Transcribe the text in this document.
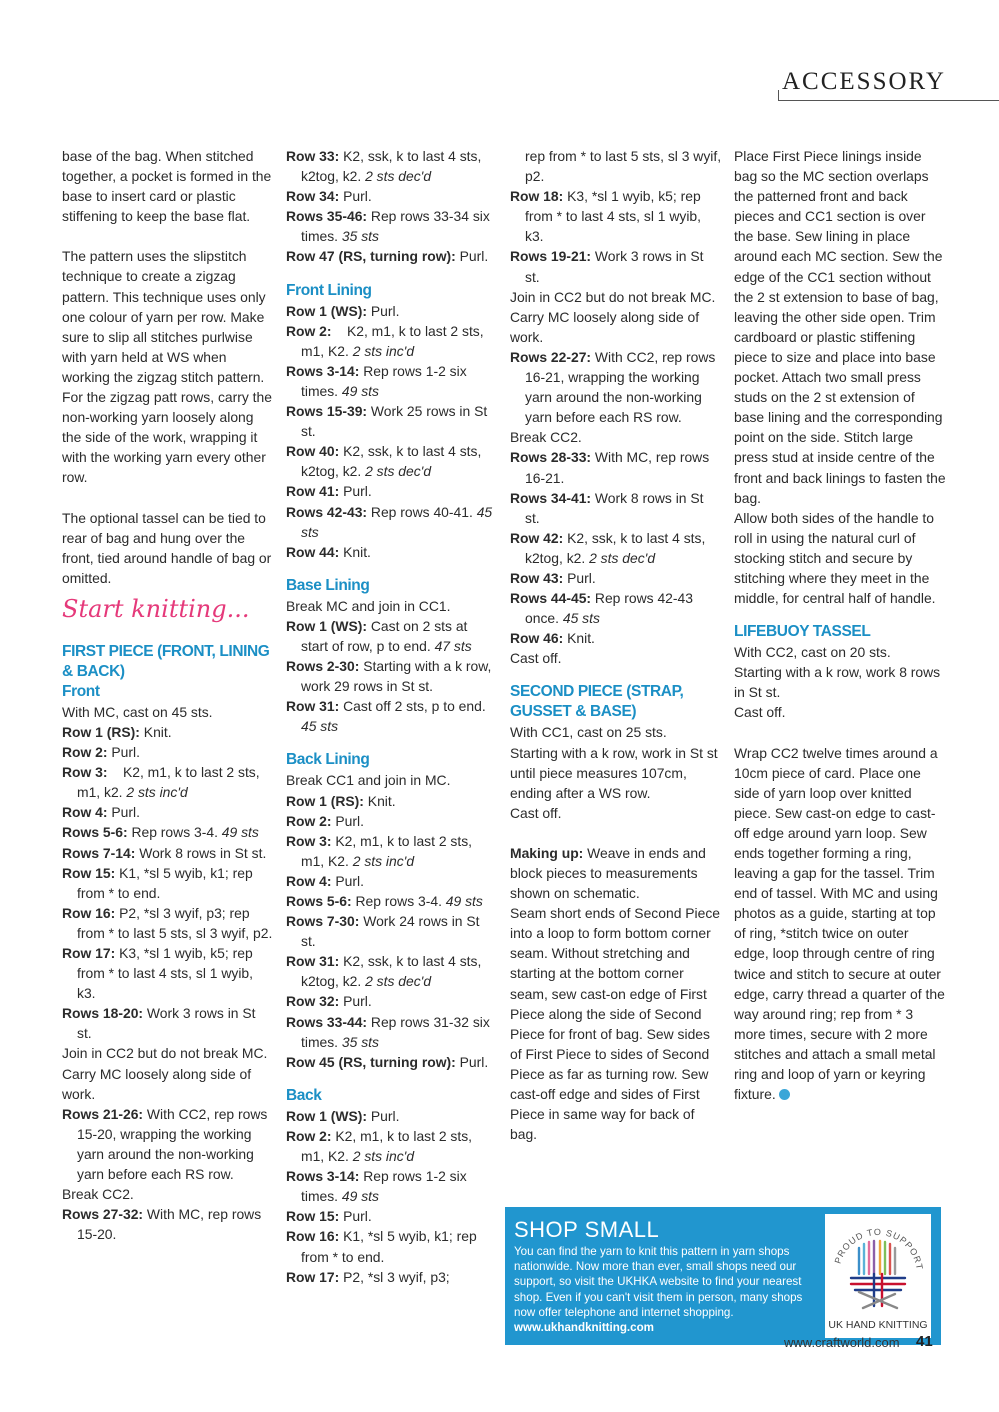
ACCESSORY

base of the bag. When stitched together, a pocket is formed in the base to insert card or plastic stiffening to keep the base flat.

The pattern uses the slipstitch technique to create a zigzag pattern. This technique uses only one colour of yarn per row. Make sure to slip all stitches purlwise with yarn held at WS when working the zigzag stitch pattern. For the zigzag patt rows, carry the non-working yarn loosely along the side of the work, wrapping it with the working yarn every other row.

The optional tassel can be tied to rear of bag and hung over the front, tied around handle of bag or omitted.

Start knitting...

FIRST PIECE (FRONT, LINING & BACK)

Front

With MC, cast on 45 sts.

Row 1 (RS): Knit.

Row 2: Purl.

Row 3:    K2, m1, k to last 2 sts, m1, k2. 2 sts inc'd

Row 4: Purl.

Rows 5-6: Rep rows 3-4. 49 sts

Rows 7-14: Work 8 rows in St st.

Row 15: K1, *sl 5 wyib, k1; rep from * to end.

Row 16: P2, *sl 3 wyif, p3; rep from * to last 5 sts, sl 3 wyif, p2.

Row 17: K3, *sl 1 wyib, k5; rep from * to last 4 sts, sl 1 wyib, k3.

Rows 18-20: Work 3 rows in St st.

Join in CC2 but do not break MC. Carry MC loosely along side of work.

Rows 21-26: With CC2, rep rows 15-20, wrapping the working yarn around the non-working yarn before each RS row.

Break CC2.

Rows 27-32: With MC, rep rows 15-20.

Row 33: K2, ssk, k to last 4 sts, k2tog, k2. 2 sts dec'd

Row 34: Purl.

Rows 35-46: Rep rows 33-34 six times. 35 sts

Row 47 (RS, turning row): Purl.

Front Lining

Row 1 (WS): Purl.

Row 2:    K2, m1, k to last 2 sts, m1, K2. 2 sts inc'd

Rows 3-14: Rep rows 1-2 six times. 49 sts

Rows 15-39: Work 25 rows in St st.

Row 40: K2, ssk, k to last 4 sts, k2tog, k2. 2 sts dec'd

Row 41: Purl.

Rows 42-43: Rep rows 40-41. 45 sts

Row 44: Knit.

Base Lining

Break MC and join in CC1.

Row 1 (WS): Cast on 2 sts at start of row, p to end. 47 sts

Rows 2-30: Starting with a k row, work 29 rows in St st.

Row 31: Cast off 2 sts, p to end. 45 sts

Back Lining

Break CC1 and join in MC.

Row 1 (RS): Knit.

Row 2: Purl.

Row 3: K2, m1, k to last 2 sts, m1, K2. 2 sts inc'd

Row 4: Purl.

Rows 5-6: Rep rows 3-4. 49 sts

Rows 7-30: Work 24 rows in St st.

Row 31: K2, ssk, k to last 4 sts, k2tog, k2. 2 sts dec'd

Row 32: Purl.

Rows 33-44: Rep rows 31-32 six times. 35 sts

Row 45 (RS, turning row): Purl.

Back

Row 1 (WS): Purl.

Row 2: K2, m1, k to last 2 sts, m1, K2. 2 sts inc'd

Rows 3-14: Rep rows 1-2 six times. 49 sts

Row 15: Purl.

Row 16: K1, *sl 5 wyib, k1; rep from * to end.

Row 17: P2, *sl 3 wyif, p3;

rep from * to last 5 sts, sl 3 wyif, p2.

Row 18: K3, *sl 1 wyib, k5; rep from * to last 4 sts, sl 1 wyib, k3.

Rows 19-21: Work 3 rows in St st.

Join in CC2 but do not break MC. Carry MC loosely along side of work.

Rows 22-27: With CC2, rep rows 16-21, wrapping the working yarn around the non-working yarn before each RS row.

Break CC2.

Rows 28-33: With MC, rep rows 16-21.

Rows 34-41: Work 8 rows in St st.

Row 42: K2, ssk, k to last 4 sts, k2tog, k2. 2 sts dec'd

Row 43: Purl.

Rows 44-45: Rep rows 42-43 once. 45 sts

Row 46: Knit.

Cast off.

SECOND PIECE (STRAP, GUSSET & BASE)

With CC1, cast on 25 sts.

Starting with a k row, work in St st until piece measures 107cm, ending after a WS row.

Cast off.

Making up: Weave in ends and block pieces to measurements shown on schematic.

Seam short ends of Second Piece into a loop to form bottom corner seam. Without stretching and starting at the bottom corner seam, sew cast-on edge of First Piece along the side of Second Piece for front of bag. Sew sides of First Piece to sides of Second Piece as far as turning row. Sew cast-off edge and sides of First Piece in same way for back of bag.

Place First Piece linings inside bag so the MC section overlaps the patterned front and back pieces and CC1 section is over the base. Sew lining in place around each MC section. Sew the edge of the CC1 section without the 2 st extension to base of bag, leaving the other side open. Trim cardboard or plastic stiffening piece to size and place into base pocket. Attach two small press studs on the 2 st extension of base lining and the corresponding point on the side. Stitch large press stud at inside centre of the front and back linings to fasten the bag.

Allow both sides of the handle to roll in using the natural curl of stocking stitch and secure by stitching where they meet in the middle, for central half of handle.

LIFEBUOY TASSEL

With CC2, cast on 20 sts.

Starting with a k row, work 8 rows in St st.

Cast off.

Wrap CC2 twelve times around a 10cm piece of card. Place one side of yarn loop over knitted piece. Sew cast-on edge to cast-off edge around yarn loop. Sew ends together forming a ring, leaving a gap for the tassel. Trim end of tassel. With MC and using photos as a guide, starting at top of ring, *stitch twice on outer edge, loop through centre of ring twice and stitch to secure at outer edge, carry thread a quarter of the way around ring; rep from * 3 more times, secure with 2 more stitches and attach a small metal ring and loop of yarn or keyring fixture.

SHOP SMALL
You can find the yarn to knit this pattern in yarn shops nationwide. Now more than ever, small shops need our support, so visit the UKHKA website to find your nearest shop. Even if you can't visit them in person, many shops now offer telephone and internet shopping. www.ukhandknitting.com
PROUD TO SUPPORT
UK HAND KNITTING
www.craftworld.com 41
